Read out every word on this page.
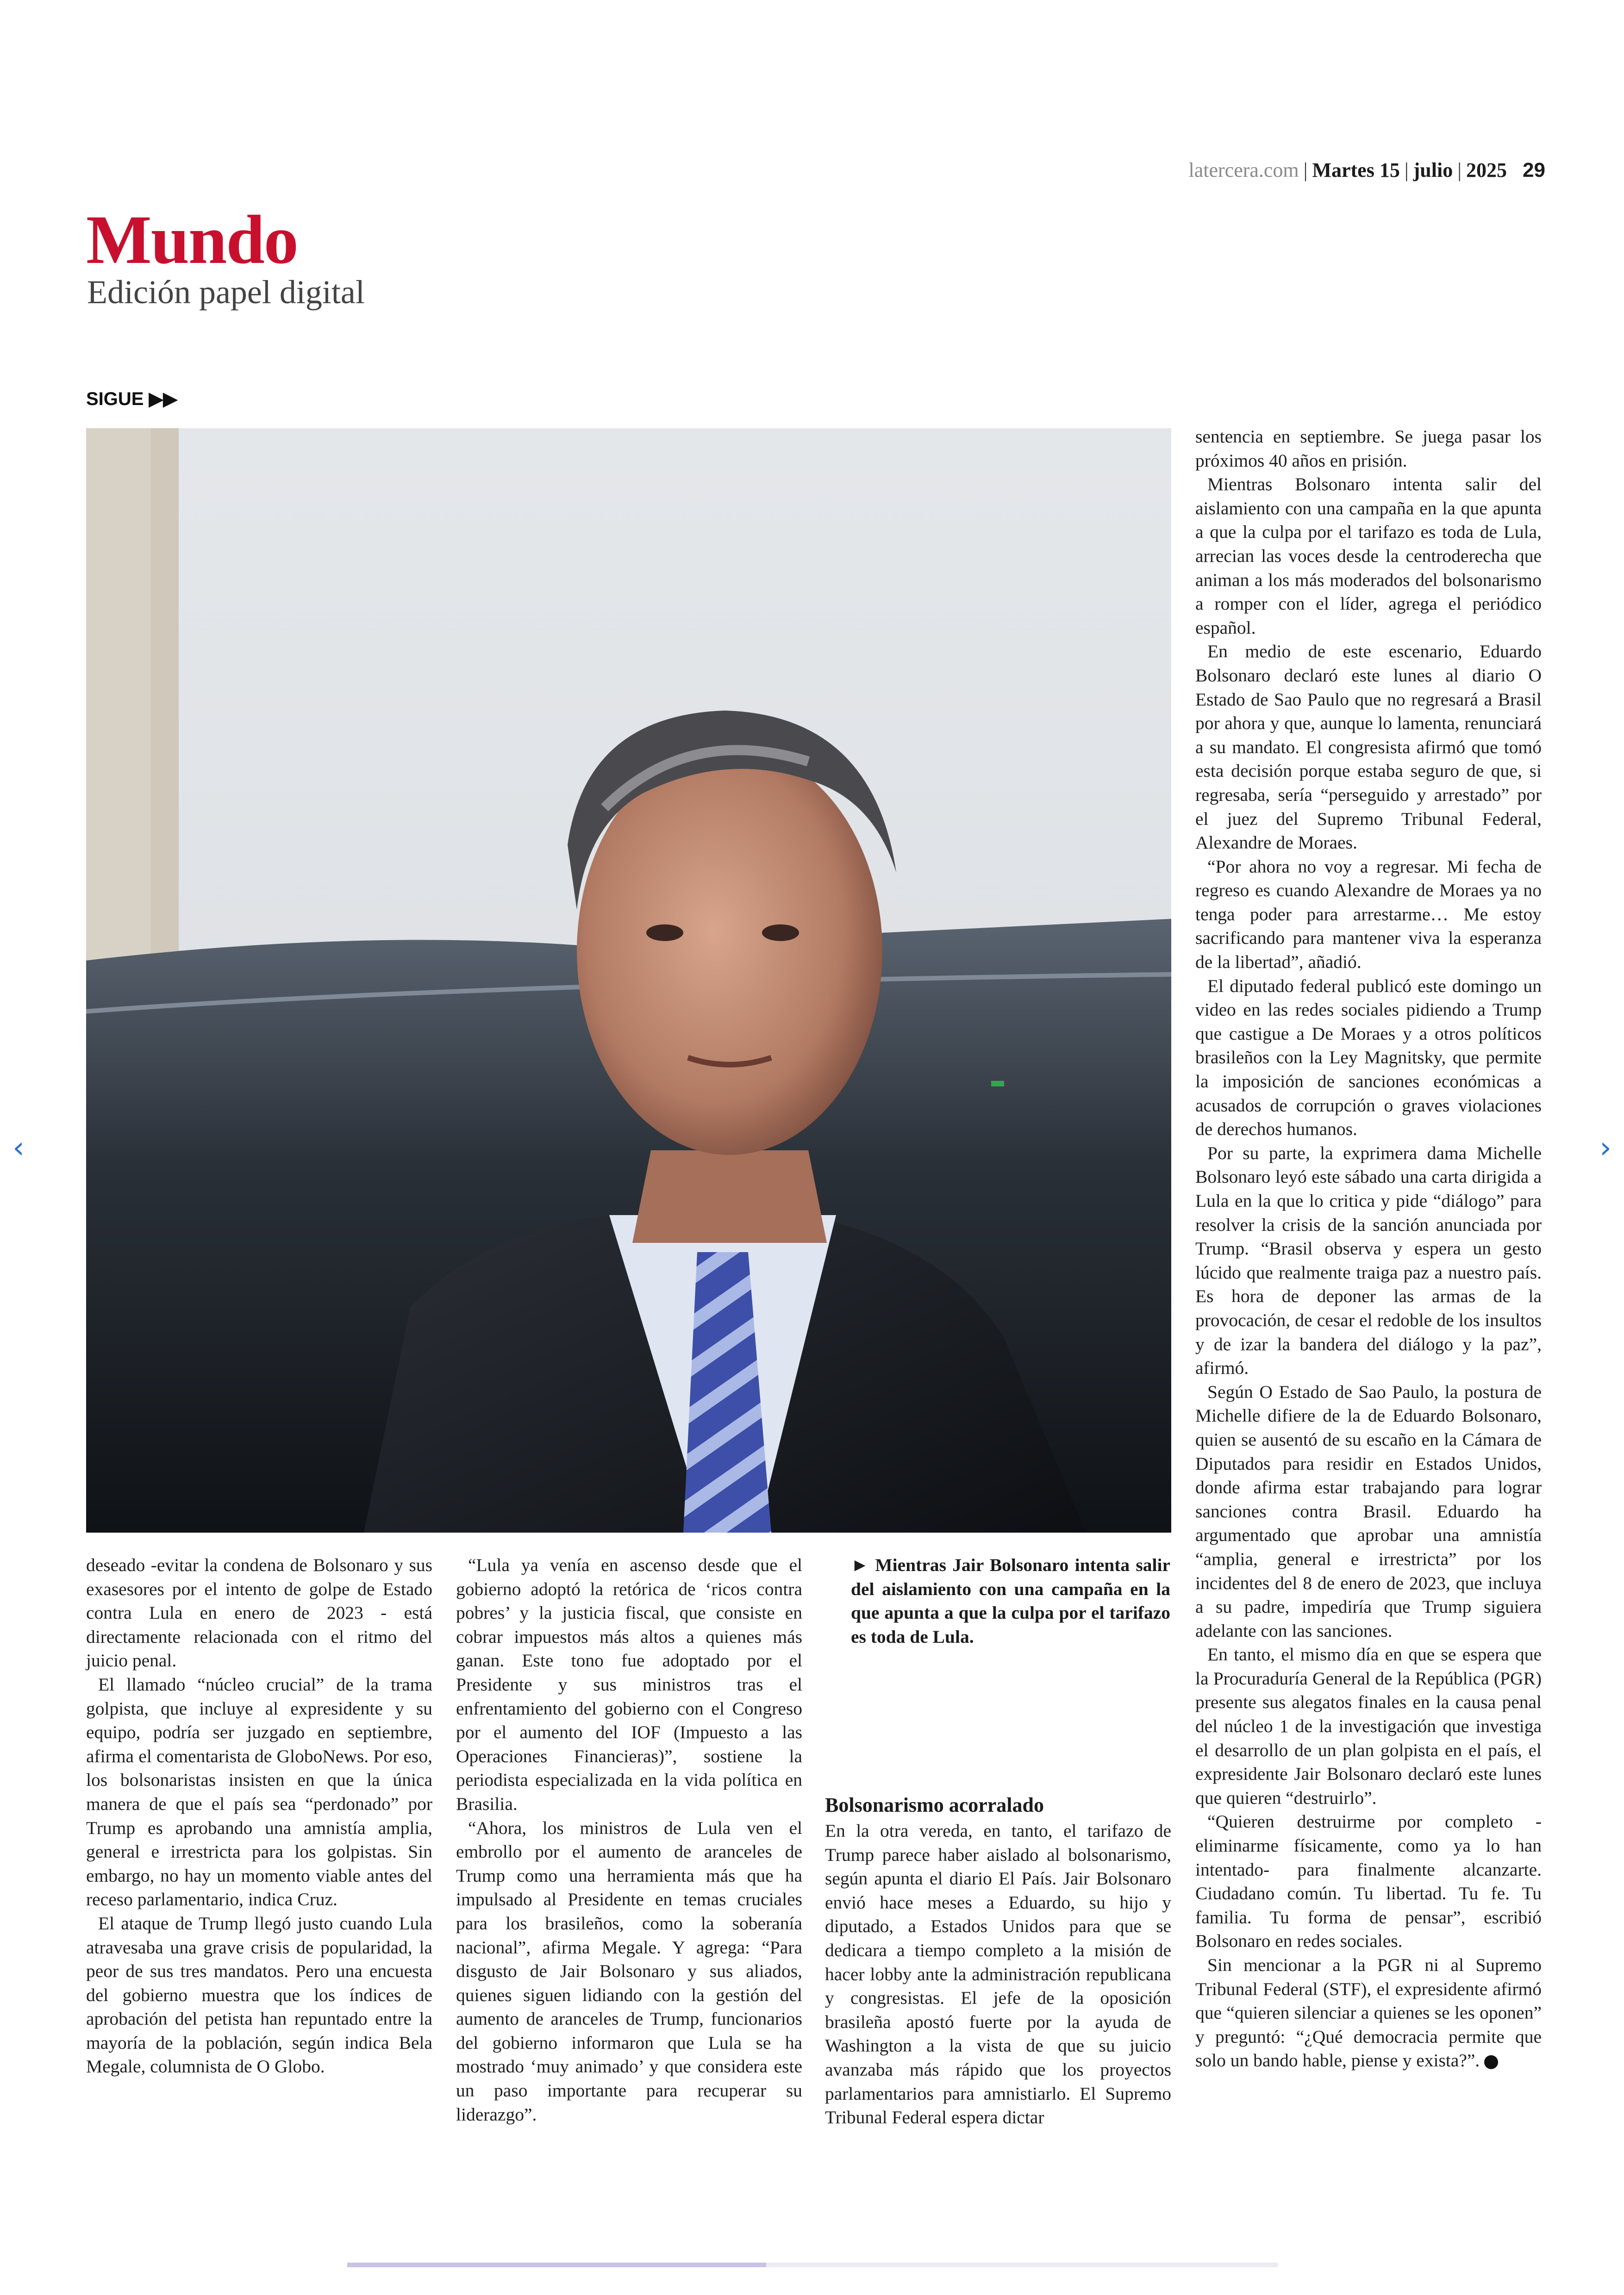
latercera.com | Martes 15 | julio | 2025 29
Mundo
Edición papel digital
SIGUE ▶▶

deseado -evitar la condena de Bolsonaro y sus exasesores por el intento de golpe de Estado contra Lula en enero de 2023 - está directamente relacionada con el ritmo del juicio penal.

El llamado “núcleo crucial” de la trama golpista, que incluye al expresidente y su equipo, podría ser juzgado en septiembre, afirma el comentarista de GloboNews. Por eso, los bolsonaristas insisten en que la única manera de que el país sea “perdonado” por Trump es aprobando una amnistía amplia, general e irrestricta para los golpistas. Sin embargo, no hay un momento viable antes del receso parlamentario, indica Cruz.

El ataque de Trump llegó justo cuando Lula atravesaba una grave crisis de popularidad, la peor de sus tres mandatos. Pero una encuesta del gobierno muestra que los índices de aprobación del petista han repuntado entre la mayoría de la población, según indica Bela Megale, columnista de O Globo.

“Lula ya venía en ascenso desde que el gobierno adoptó la retórica de ‘ricos contra pobres’ y la justicia fiscal, que consiste en cobrar impuestos más altos a quienes más ganan. Este tono fue adoptado por el Presidente y sus ministros tras el enfrentamiento del gobierno con el Congreso por el aumento del IOF (Impuesto a las Operaciones Financieras)”, sostiene la periodista especializada en la vida política en Brasilia.

“Ahora, los ministros de Lula ven el embrollo por el aumento de aranceles de Trump como una herramienta más que ha impulsado al Presidente en temas cruciales para los brasileños, como la soberanía nacional”, afirma Megale. Y agrega: “Para disgusto de Jair Bolsonaro y sus aliados, quienes siguen lidiando con la gestión del aumento de aranceles de Trump, funcionarios del gobierno informaron que Lula se ha mostrado ‘muy animado’ y que considera este un paso importante para recuperar su liderazgo”.

► Mientras Jair Bolsonaro intenta salir del aislamiento con una campaña en la que apunta a que la culpa por el tarifazo es toda de Lula.
Bolsonarismo acorralado

En la otra vereda, en tanto, el tarifazo de Trump parece haber aislado al bolsonarismo, según apunta el diario El País. Jair Bolsonaro envió hace meses a Eduardo, su hijo y diputado, a Estados Unidos para que se dedicara a tiempo completo a la misión de hacer lobby ante la administración republicana y congresistas. El jefe de la oposición brasileña apostó fuerte por la ayuda de Washington a la vista de que su juicio avanzaba más rápido que los proyectos parlamentarios para amnistiarlo. El Supremo Tribunal Federal espera dictar

sentencia en septiembre. Se juega pasar los próximos 40 años en prisión.

Mientras Bolsonaro intenta salir del aislamiento con una campaña en la que apunta a que la culpa por el tarifazo es toda de Lula, arrecian las voces desde la centroderecha que animan a los más moderados del bolsonarismo a romper con el líder, agrega el periódico español.

En medio de este escenario, Eduardo Bolsonaro declaró este lunes al diario O Estado de Sao Paulo que no regresará a Brasil por ahora y que, aunque lo lamenta, renunciará a su mandato. El congresista afirmó que tomó esta decisión porque estaba seguro de que, si regresaba, sería “perseguido y arrestado” por el juez del Supremo Tribunal Federal, Alexandre de Moraes.

“Por ahora no voy a regresar. Mi fecha de regreso es cuando Alexandre de Moraes ya no tenga poder para arrestarme… Me estoy sacrificando para mantener viva la esperanza de la libertad”, añadió.

El diputado federal publicó este domingo un video en las redes sociales pidiendo a Trump que castigue a De Moraes y a otros políticos brasileños con la Ley Magnitsky, que permite la imposición de sanciones económicas a acusados de corrupción o graves violaciones de derechos humanos.

Por su parte, la exprimera dama Michelle Bolsonaro leyó este sábado una carta dirigida a Lula en la que lo critica y pide “diálogo” para resolver la crisis de la sanción anunciada por Trump. “Brasil observa y espera un gesto lúcido que realmente traiga paz a nuestro país. Es hora de deponer las armas de la provocación, de cesar el redoble de los insultos y de izar la bandera del diálogo y la paz”, afirmó.

Según O Estado de Sao Paulo, la postura de Michelle difiere de la de Eduardo Bolsonaro, quien se ausentó de su escaño en la Cámara de Diputados para residir en Estados Unidos, donde afirma estar trabajando para lograr sanciones contra Brasil. Eduardo ha argumentado que aprobar una amnistía “amplia, general e irrestricta” por los incidentes del 8 de enero de 2023, que incluya a su padre, impediría que Trump siguiera adelante con las sanciones.

En tanto, el mismo día en que se espera que la Procuraduría General de la República (PGR) presente sus alegatos finales en la causa penal del núcleo 1 de la investigación que investiga el desarrollo de un plan golpista en el país, el expresidente Jair Bolsonaro declaró este lunes que quieren “destruirlo”.

“Quieren destruirme por completo -eliminarme físicamente, como ya lo han intentado- para finalmente alcanzarte. Ciudadano común. Tu libertad. Tu fe. Tu familia. Tu forma de pensar”, escribió Bolsonaro en redes sociales.

Sin mencionar a la PGR ni al Supremo Tribunal Federal (STF), el expresidente afirmó que “quieren silenciar a quienes se les oponen” y preguntó: “¿Qué democracia permite que solo un bando hable, piense y exista?”.

‹	›
